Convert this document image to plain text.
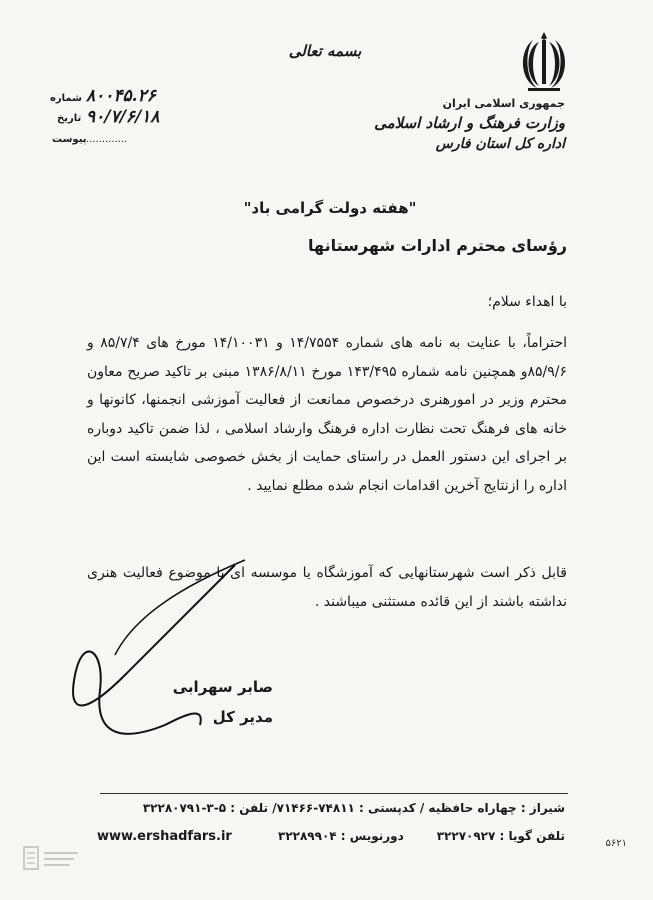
جمهوری اسلامی ایران
وزارت فرهنگ و ارشاد اسلامی
اداره کل استان فارس
بسمه تعالی
شماره ۸۰۰۴۵.۲۶
تاریخ ۹۰/۷/۶/۱۸
پیوست .............
"هفته دولت گرامی باد"
رؤسای محترم ادارات شهرستانها
با اهداء سلام؛
احتراماً، با عنایت به نامه های شماره ۱۴/۷۵۵۴ و ۱۴/۱۰۰۳۱ مورخ های ۸۵/۷/۴ و ۸۵/۹/۶و همچنین نامه شماره ۱۴۳/۴۹۵ مورخ ۱۳۸۶/۸/۱۱ مبنی بر تاکید صریح معاون محترم وزیر در امورهنری درخصوص ممانعت از فعالیت آموزشی انجمنها، کانونها و خانه های فرهنگ تحت نظارت اداره فرهنگ وارشاد اسلامی ، لذا ضمن تاکید دوباره بر اجرای این دستور العمل در راستای حمایت از بخش خصوصی شایسته است این اداره را ازنتایج آخرین اقدامات انجام شده مطلع نمایید .
قابل ذکر است شهرستانهایی که آموزشگاه یا موسسه ای با موضوع فعالیت هنری نداشته باشند از این قائده مستثنی میباشند .
صابر سهرابی
مدیر کل
شیراز : چهاراه حافظیه / کدپستی : ۷۴۸۱۱-۷۱۴۶۶/ تلفن : ۵-۳-۳۲۲۸۰۷۹۱
www.ershadfars.ir	دورنویس : ۳۲۲۸۹۹۰۴	تلفن گویا : ۳۲۲۷۰۹۲۷
۵۶۲۱
